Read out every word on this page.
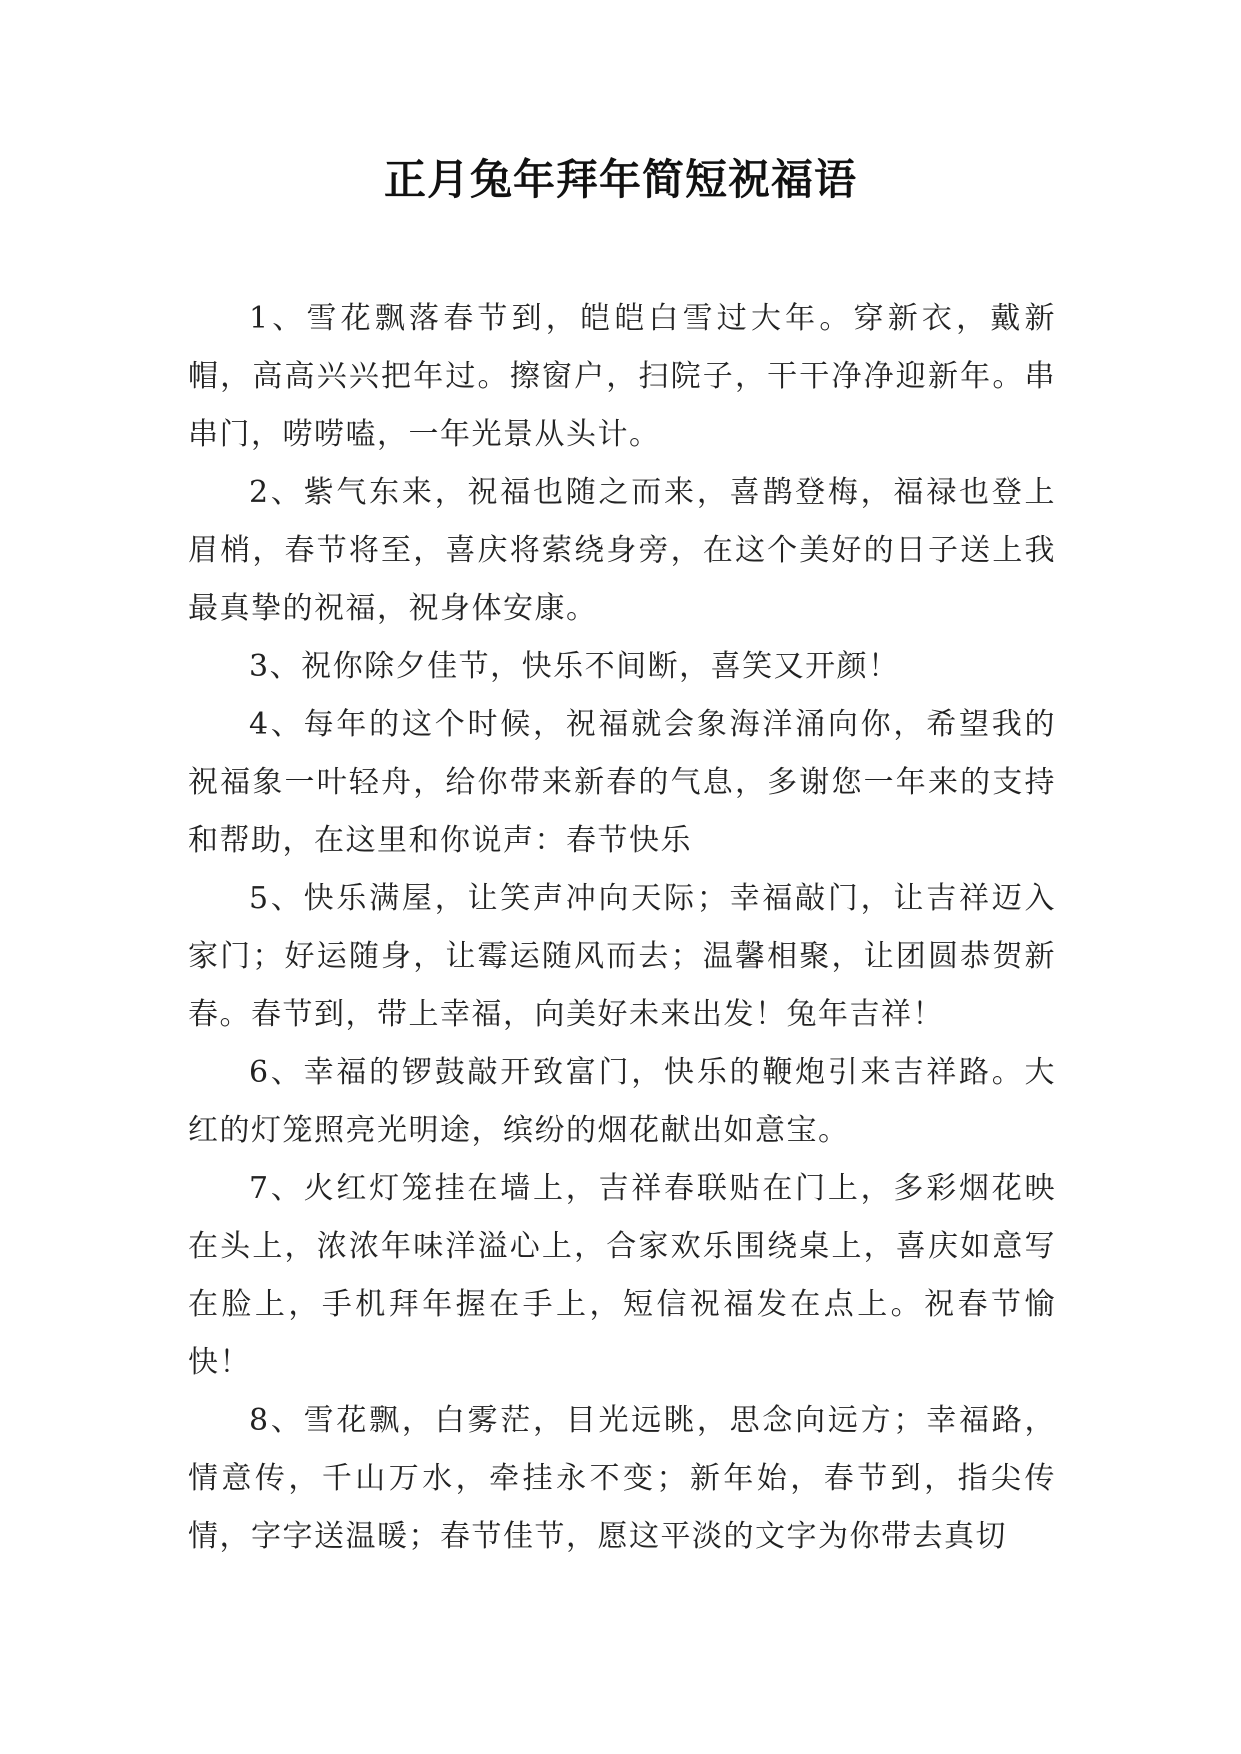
正月兔年拜年简短祝福语

1、雪花飘落春节到，皑皑白雪过大年。穿新衣，戴新帽，高高兴兴把年过。擦窗户，扫院子，干干净净迎新年。串串门，唠唠嗑，一年光景从头计。

2、紫气东来，祝福也随之而来，喜鹊登梅，福禄也登上眉梢，春节将至，喜庆将萦绕身旁，在这个美好的日子送上我最真挚的祝福，祝身体安康。

3、祝你除夕佳节，快乐不间断，喜笑又开颜！

4、每年的这个时候，祝福就会象海洋涌向你，希望我的祝福象一叶轻舟，给你带来新春的气息，多谢您一年来的支持和帮助，在这里和你说声：春节快乐

5、快乐满屋，让笑声冲向天际；幸福敲门，让吉祥迈入家门；好运随身，让霉运随风而去；温馨相聚，让团圆恭贺新春。春节到，带上幸福，向美好未来出发！兔年吉祥！

6、幸福的锣鼓敲开致富门，快乐的鞭炮引来吉祥路。大红的灯笼照亮光明途，缤纷的烟花献出如意宝。

7、火红灯笼挂在墙上，吉祥春联贴在门上，多彩烟花映在头上，浓浓年味洋溢心上，合家欢乐围绕桌上，喜庆如意写在脸上，手机拜年握在手上，短信祝福发在点上。祝春节愉快！

8、雪花飘，白雾茫，目光远眺，思念向远方；幸福路，情意传，千山万水，牵挂永不变；新年始，春节到，指尖传情，字字送温暖；春节佳节，愿这平淡的文字为你带去真切
